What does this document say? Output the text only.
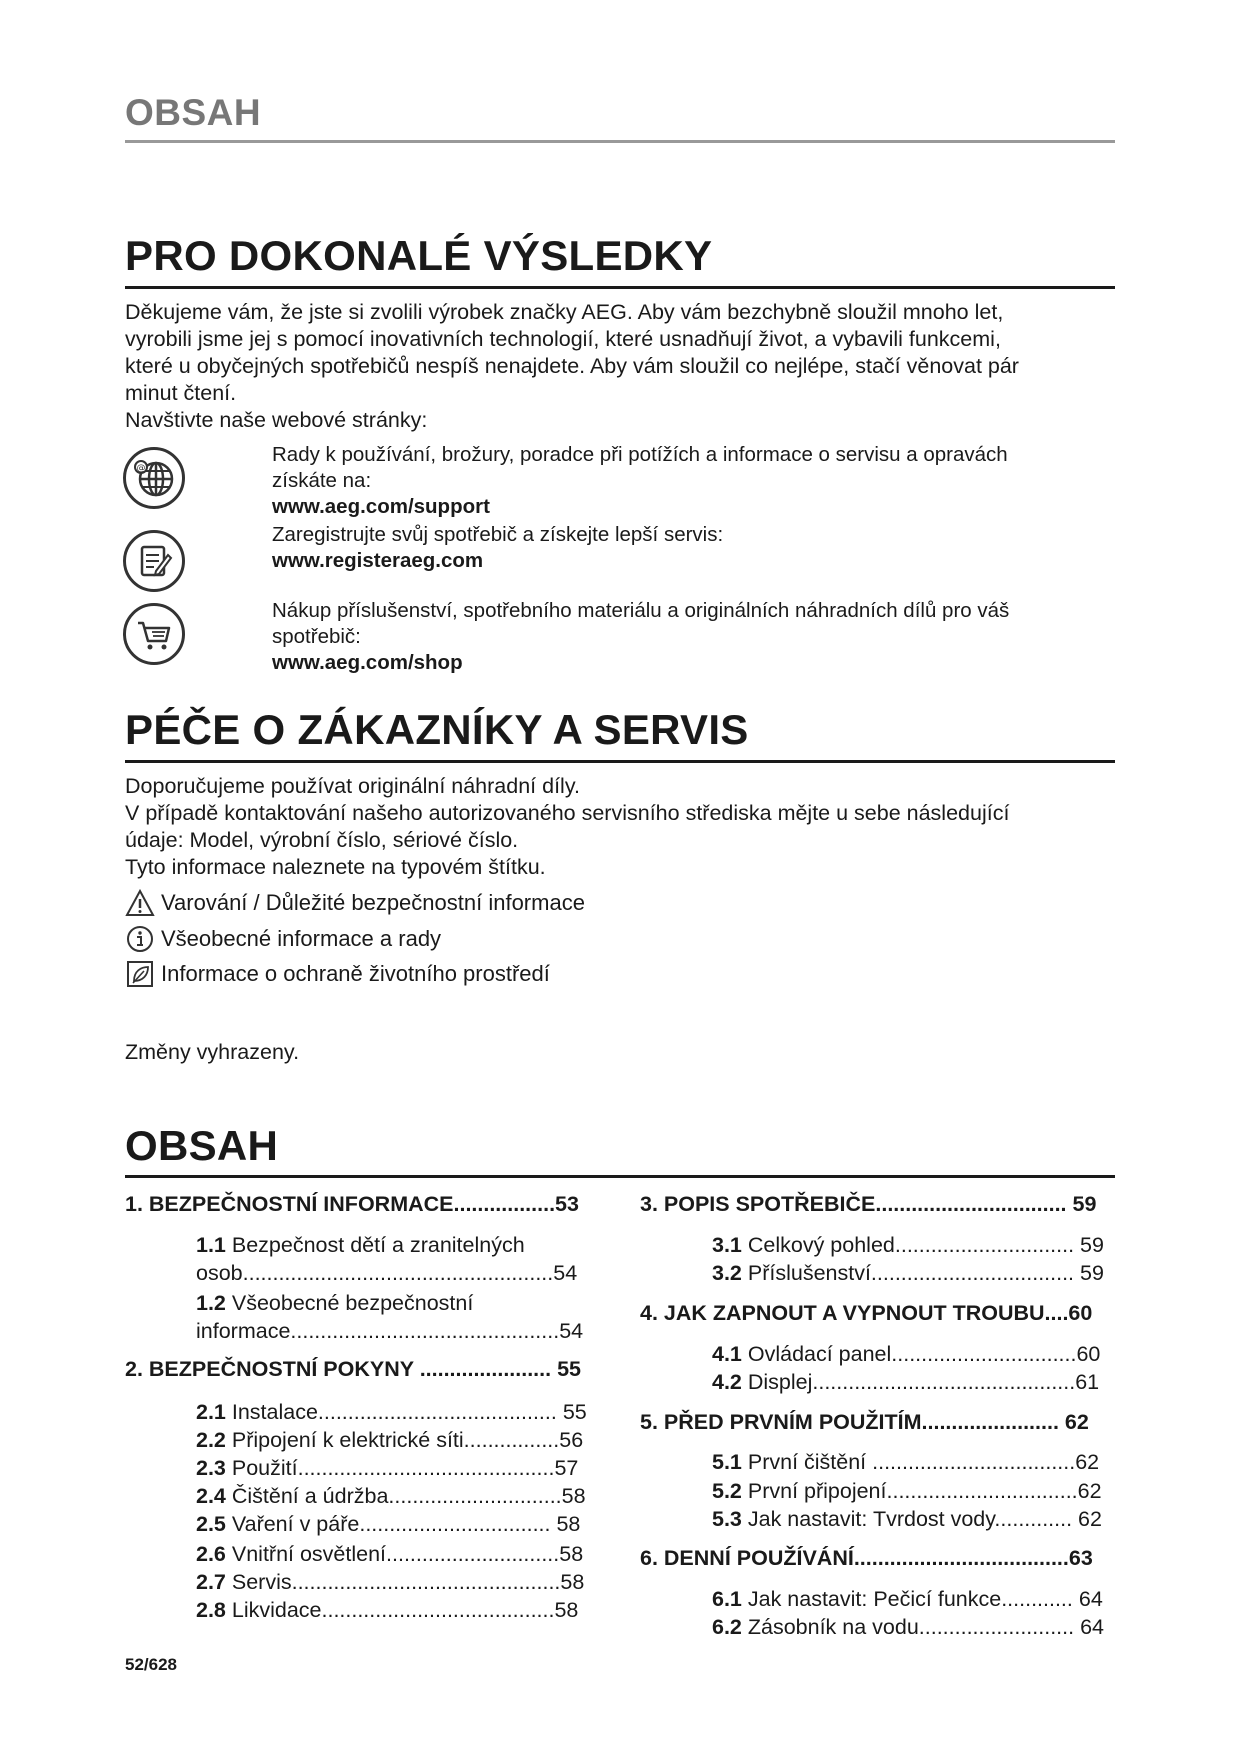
OBSAH
PRO DOKONALÉ VÝSLEDKY

Děkujeme vám, že jste si zvolili výrobek značky AEG. Aby vám bezchybně sloužil mnoho let,

vyrobili jsme jej s pomocí inovativních technologií, které usnadňují život, a vybavili funkcemi,

které u obyčejných spotřebičů nespíš nenajdete. Aby vám sloužil co nejlépe, stačí věnovat pár

minut čtení.

Navštivte naše webové stránky:

@
Rady k používání, brožury, poradce při potížích a informace o servisu a opravách
získáte na:
www.aeg.com/support
Zaregistrujte svůj spotřebič a získejte lepší servis:
www.registeraeg.com
Nákup příslušenství, spotřebního materiálu a originálních náhradních dílů pro váš
spotřebič:
www.aeg.com/shop
PÉČE O ZÁKAZNÍKY A SERVIS

Doporučujeme používat originální náhradní díly.

V případě kontaktování našeho autorizovaného servisního střediska mějte u sebe následující

údaje: Model, výrobní číslo, sériové číslo.

Tyto informace naleznete na typovém štítku.

Varování / Důležité bezpečnostní informace
Všeobecné informace a rady
Informace o ochraně životního prostředí
Změny vyhrazeny.
OBSAH
1. BEZPEČNOSTNÍ INFORMACE.................53
1.1 Bezpečnost dětí a zranitelných
osob....................................................54
1.2 Všeobecné bezpečnostní
informace.............................................54
2. BEZPEČNOSTNÍ POKYNY ...................... 55
2.1 Instalace........................................ 55
2.2 Připojení k elektrické síti................56
2.3 Použití...........................................57
2.4 Čištění a údržba.............................58
2.5 Vaření v páře................................ 58
2.6 Vnitřní osvětlení.............................58
2.7 Servis.............................................58
2.8 Likvidace.......................................58
3. POPIS SPOTŘEBIČE................................ 59
3.1 Celkový pohled.............................. 59
3.2 Příslušenství.................................. 59
4. JAK ZAPNOUT A VYPNOUT TROUBU....60
4.1 Ovládací panel...............................60
4.2 Displej............................................61
5. PŘED PRVNÍM POUŽITÍM....................... 62
5.1 První čištění ..................................62
5.2 První připojení................................62
5.3 Jak nastavit: Tvrdost vody............. 62
6. DENNÍ POUŽÍVÁNÍ....................................63
6.1 Jak nastavit: Pečicí funkce............ 64
6.2 Zásobník na vodu.......................... 64
52/628
